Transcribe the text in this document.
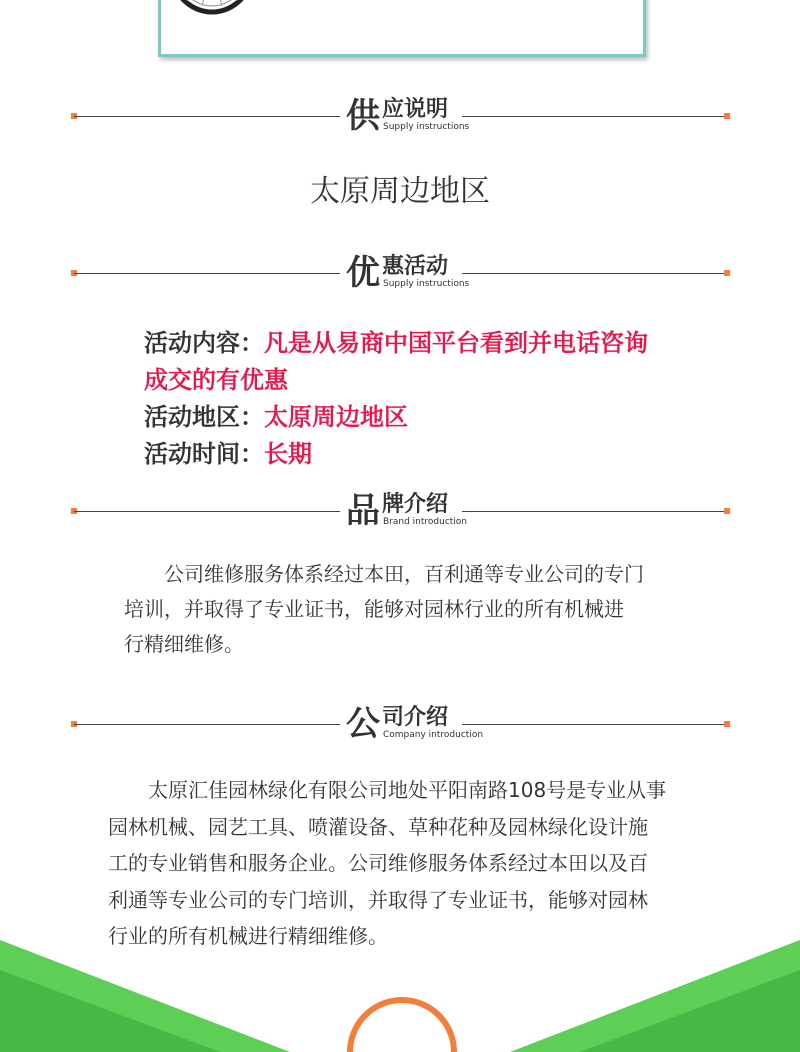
供 应说明
Supply instructions
太原周边地区
优 惠活动
Supply instructions
活动内容：凡是从易商中国平台看到并电话咨询
成交的有优惠
活动地区：太原周边地区
活动时间：长期
品 牌介绍
Brand introduction
　　公司维修服务体系经过本田，百利通等专业公司的专门
培训，并取得了专业证书，能够对园林行业的所有机械进
行精细维修。
公 司介绍
Company introduction
　　太原汇佳园林绿化有限公司地处平阳南路108号是专业从事
园林机械、园艺工具、喷灌设备、草种花种及园林绿化设计施
工的专业销售和服务企业。公司维修服务体系经过本田以及百
利通等专业公司的专门培训，并取得了专业证书，能够对园林
行业的所有机械进行精细维修。
